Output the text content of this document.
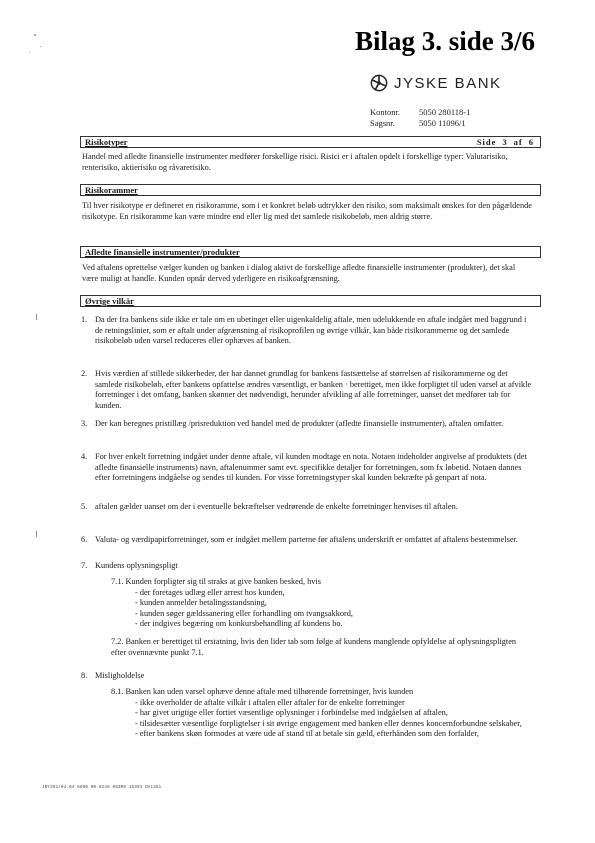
Bilag 3. side 3/6
JYSKE BANK
Kontonr. 5050 280118-1
Sagsnr.	5050 11096/1
Risikotyper	Side 3 af 6
Handel med afledte finansielle instrumenter medfører forskellige risici. Risici er i aftalen opdelt i forskellige typer: Valutarisiko, renterisiko, aktierisiko og råvarerisiko.
Risikorammer
Til hver risikotype er defineret en risikoramme, som i et konkret beløb udtrykker den risiko, som maksimalt ønskes for den pågældende risikotype. En risikoramme kan være mindre end eller lig med det samlede risikobeløb, men aldrig større.
Afledte finansielle instrumenter/produkter
Ved aftalens oprettelse vælger kunden og banken i dialog aktivt de forskellige afledte finansielle instrumenter (produkter), det skal være muligt at handle. Kunden opnår derved yderligere en risikoafgrænsning.
Øvrige vilkår
1. Da der fra bankens side ikke er tale om en ubetinget eller uigenkaldelig aftale, men udelukkende en aftale indgået med baggrund i de retningslinier, som er aftalt under afgrænsning af risikoprofilen og øvrige vilkår, kan både risikorammerne og det samlede risikobeløb uden varsel reduceres eller ophæves af banken.
2. Hvis værdien af stillede sikkerheder, der har dannet grundlag for bankens fastsættelse af størrelsen af risikorammerne og det samlede risikobeløb, efter bankens opfattelse ændres væsentligt, er banken · berettiget, men ikke forpligtet til uden varsel at afvikle forretninger i det omfang, banken skønner det nødvendigt, herunder afvikling af alle forretninger, uanset det medfører tab for kunden.
3. Der kan beregnes pristillæg /prisreduktion ved handel med de produkter (afledte finansielle instrumenter), aftalen omfatter.
4. For hver enkelt forretning indgået under denne aftale, vil kunden modtage en nota. Notaen indeholder angivelse af produktets (det afledte finansielle instruments) navn, aftalenummer samt evt. specifikke detaljer for forretningen, som fx løbetid. Notaen dannes efter forretningens indgåelse og sendes til kunden. For visse forretningstyper skal kunden bekræfte på genpart af nota.
5. aftalen gælder uanset om der i eventuelle bekræftelser vedrørende de enkelte forretninger henvises til aftalen.
6. Valuta- og værdipapirforretninger, som er indgået mellem parterne før aftalens underskrift er omfattet af aftalens bestemmelser.
7. Kundens oplysningspligt
7.1. Kunden forpligter sig til straks at give banken besked, hvis
- der foretages udlæg eller arrest hos kunden,
- kunden anmelder betalingsstandsning,
- kunden søger gældssanering eller forhandling om tvangsakkord,
- der indgives begæring om konkursbehandling af kundens bo.
7.2. Banken er berettiget til erstatning, hvis den lider tab som følge af kundens manglende opfyldelse af oplysningspligten efter ovennævnte punkt 7.1.
8. Misligholdelse
8.1. Banken kan uden varsel ophæve denne aftale med tilhørende forretninger, hvis kunden
- ikke overholder de aftalte vilkår i aftalen eller aftaler for de enkelte forretninger
- har givet urigtige eller fortiet væsentlige oplysninger i forbindelse med indgåelsen af aftalen,
- tilsidesætter væsentlige forpligtelser i sit øvrige engagement med banken eller dennes koncernforbundne selskaber,
- efter bankens skøn formodes at være ude af stand til at betale sin gæld, efterhånden som den forfalder,
JBY301/04.04 5050 00 8240 08ZM8 15394 DA1351
